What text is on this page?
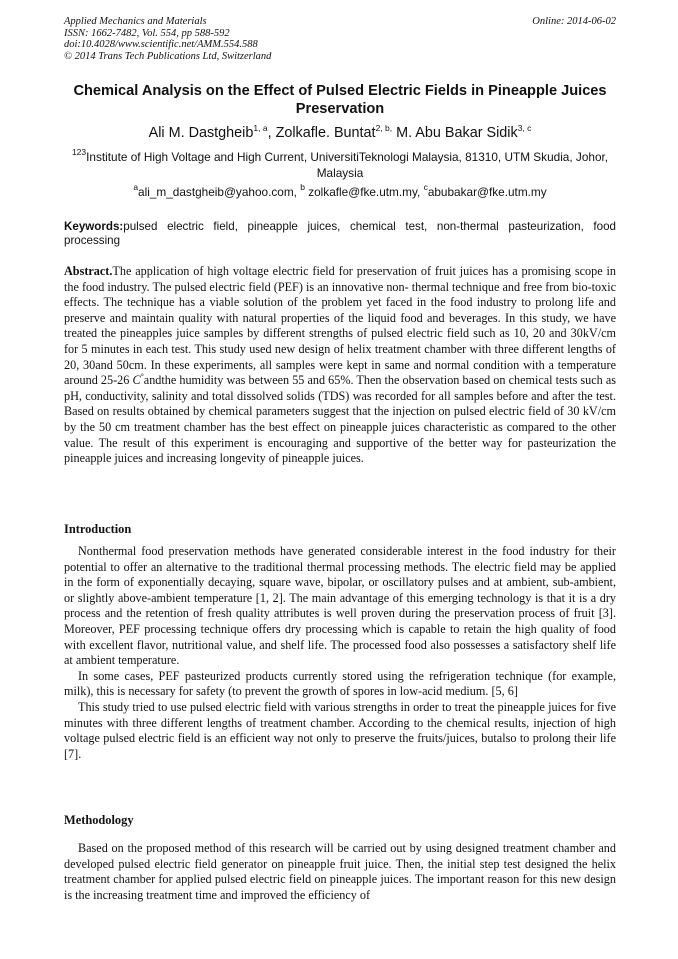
Applied Mechanics and Materials
ISSN: 1662-7482, Vol. 554, pp 588-592
doi:10.4028/www.scientific.net/AMM.554.588
© 2014 Trans Tech Publications Ltd, Switzerland
Online: 2014-06-02
Chemical Analysis on the Effect of Pulsed Electric Fields in Pineapple Juices Preservation
Ali M. Dastgheib$^{1, a}$, Zolkafle. Buntat$^{2, b,}$ M. Abu Bakar Sidik$^{3, c}$
$^{123}$Institute of High Voltage and High Current, UniversitiTeknologi Malaysia, 81310, UTM Skudia, Johor, Malaysia
$^a$ali_m_dastgheib@yahoo.com, $^b$ zolkafle@fke.utm.my, $^c$abubakar@fke.utm.my
Keywords:pulsed electric field, pineapple juices, chemical test, non-thermal pasteurization, food processing

Abstract.The application of high voltage electric field for preservation of fruit juices has a promising scope in the food industry. The pulsed electric field (PEF) is an innovative non- thermal technique and free from bio-toxic effects. The technique has a viable solution of the problem yet faced in the food industry to prolong life and preserve and maintain quality with natural properties of the liquid food and beverages. In this study, we have treated the pineapples juice samples by different strengths of pulsed electric field such as 10, 20 and 30kV/cm for 5 minutes in each test. This study used new design of helix treatment chamber with three different lengths of 20, 30and 50cm. In these experiments, all samples were kept in same and normal condition with a temperature around 25-26 C°andthe humidity was between 55 and 65%. Then the observation based on chemical tests such as pH, conductivity, salinity and total dissolved solids (TDS) was recorded for all samples before and after the test. Based on results obtained by chemical parameters suggest that the injection on pulsed electric field of 30 kV/cm by the 50 cm treatment chamber has the best effect on pineapple juices characteristic as compared to the other value. The result of this experiment is encouraging and supportive of the better way for pasteurization the pineapple juices and increasing longevity of pineapple juices.

Introduction

Nonthermal food preservation methods have generated considerable interest in the food industry for their potential to offer an alternative to the traditional thermal processing methods. The electric field may be applied in the form of exponentially decaying, square wave, bipolar, or oscillatory pulses and at ambient, sub-ambient, or slightly above-ambient temperature [1, 2]. The main advantage of this emerging technology is that it is a dry process and the retention of fresh quality attributes is well proven during the preservation process of fruit [3]. Moreover, PEF processing technique offers dry processing which is capable to retain the high quality of food with excellent flavor, nutritional value, and shelf life. The processed food also possesses a satisfactory shelf life at ambient temperature.

In some cases, PEF pasteurized products currently stored using the refrigeration technique (for example, milk), this is necessary for safety (to prevent the growth of spores in low-acid medium. [5, 6]

This study tried to use pulsed electric field with various strengths in order to treat the pineapple juices for five minutes with three different lengths of treatment chamber. According to the chemical results, injection of high voltage pulsed electric field is an efficient way not only to preserve the fruits/juices, butalso to prolong their life [7].

Methodology

Based on the proposed method of this research will be carried out by using designed treatment chamber and developed pulsed electric field generator on pineapple fruit juice. Then, the initial step test designed the helix treatment chamber for applied pulsed electric field on pineapple juices. The important reason for this new design is the increasing treatment time and improved the efficiency of
